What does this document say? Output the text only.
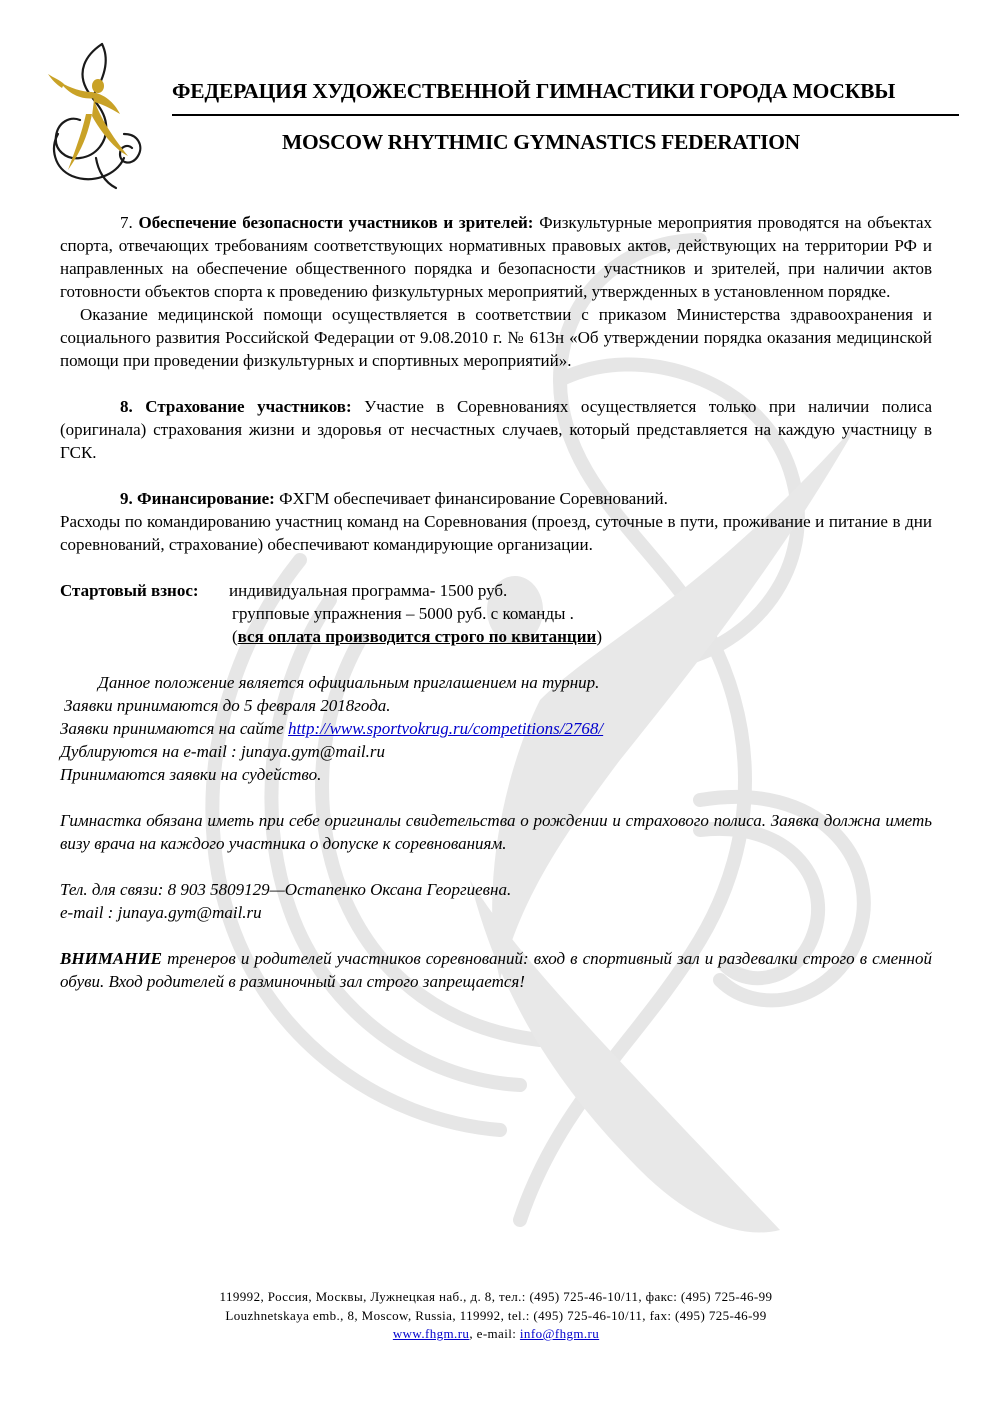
ФЕДЕРАЦИЯ ХУДОЖЕСТВЕННОЙ ГИМНАСТИКИ ГОРОДА МОСКВЫ
MOSCOW RHYTHMIC GYMNASTICS FEDERATION

7. Обеспечение безопасности участников и зрителей: Физкультурные мероприятия проводятся на объектах спорта, отвечающих требованиям соответствующих нормативных правовых актов, действующих на территории РФ и направленных на обеспечение общественного порядка и безопасности участников и зрителей, при наличии актов готовности объектов спорта к проведению физкультурных мероприятий, утвержденных в установленном порядке.

Оказание медицинской помощи осуществляется в соответствии с приказом Министерства здравоохранения и социального развития Российской Федерации от 9.08.2010 г. № 613н «Об утверждении порядка оказания медицинской помощи при проведении физкультурных и спортивных мероприятий».

8. Страхование участников: Участие в Соревнованиях осуществляется только при наличии полиса (оригинала) страхования жизни и здоровья от несчастных случаев, который представляется на каждую участницу в ГСК.

9. Финансирование: ФХГМ обеспечивает финансирование Соревнований.

Расходы по командированию участниц команд на Соревнования (проезд, суточные в пути, проживание и питание в дни соревнований, страхование) обеспечивают командирующие организации.

Стартовый взнос:	индивидуальная программа- 1500 руб.

групповые упражнения – 5000 руб. с команды .

(вся оплата производится строго по квитанции)

Данное положение является официальным приглашением на турнир.

Заявки принимаются до 5 февраля 2018года.

Заявки принимаются на сайте http://www.sportvokrug.ru/competitions/2768/

Дублируются на e-mail : junaya.gym@mail.ru

Принимаются заявки на судейство.

Гимнастка обязана иметь при себе оригиналы свидетельства о рождении и страхового полиса. Заявка должна иметь визу врача на каждого участника о допуске к соревнованиям.

Тел. для связи: 8 903 5809129—Остапенко Оксана Георгиевна.

e-mail : junaya.gym@mail.ru

ВНИМАНИЕ тренеров и родителей участников соревнований: вход в спортивный зал и раздевалки строго в сменной обуви. Вход родителей в разминочный зал строго запрещается!

119992, Россия, Москвы, Лужнецкая наб., д. 8, тел.: (495) 725-46-10/11, факс: (495) 725-46-99
Louzhnetskaya emb., 8, Moscow, Russia, 119992, tel.: (495) 725-46-10/11, fax: (495) 725-46-99
www.fhgm.ru, e-mail: info@fhgm.ru
